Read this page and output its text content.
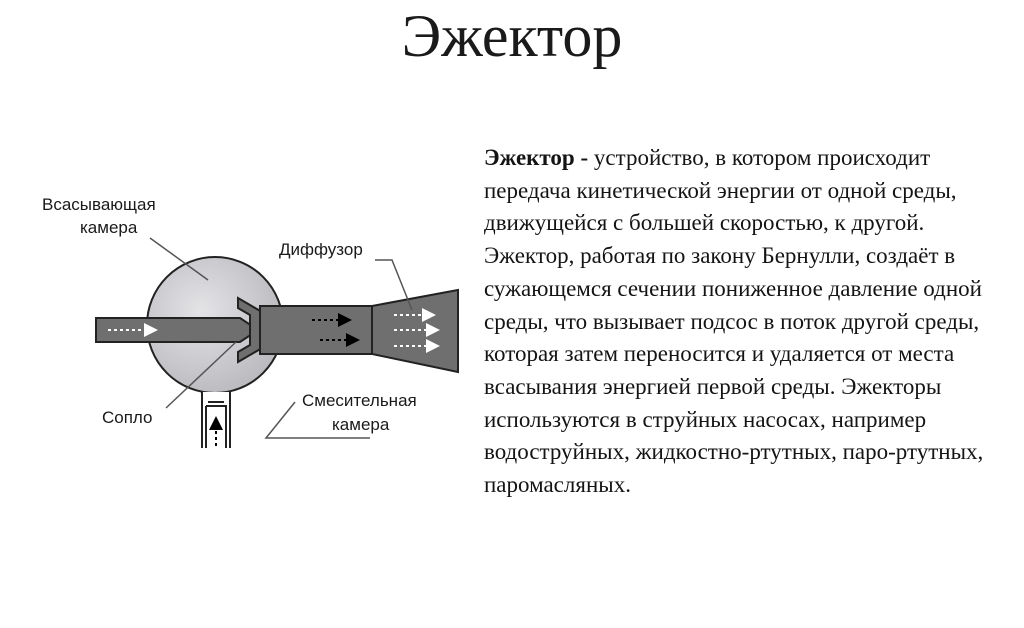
Эжектор
Всасывающая
камера
Диффузор
Сопло
Смесительная
камера
Эжектор - устройство, в котором происходит передача кинетической энергии от одной среды, движущейся с большей скоростью, к другой. Эжектор, работая по закону Бернулли, создаёт в сужающемся сечении пониженное давление одной среды, что вызывает подсос в поток другой среды, которая затем переносится и удаляется от места всасывания энергией первой среды. Эжекторы используются в струйных насосах, например водоструйных, жидкостно-ртутных, паро-ртутных, паромасляных.
